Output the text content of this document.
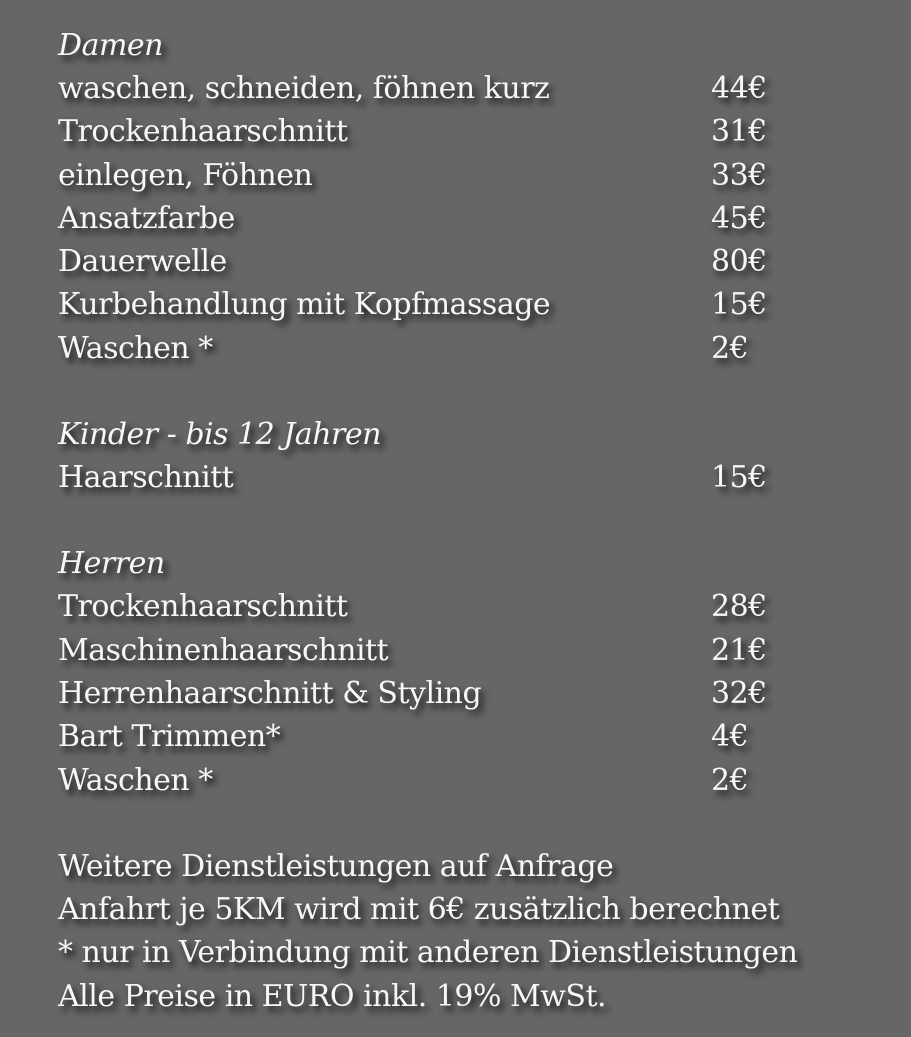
Damen
waschen, schneiden, föhnen kurz	44€
Trockenhaarschnitt	31€
einlegen, Föhnen	33€
Ansatzfarbe	45€
Dauerwelle	80€
Kurbehandlung mit Kopfmassage	15€
Waschen *	2€
Kinder - bis 12 Jahren
Haarschnitt	15€
Herren
Trockenhaarschnitt	28€
Maschinenhaarschnitt	21€
Herrenhaarschnitt & Styling	32€
Bart Trimmen*	4€
Waschen *	2€
Weitere Dienstleistungen auf Anfrage
Anfahrt je 5KM wird mit 6€ zusätzlich berechnet
* nur in Verbindung mit anderen Dienstleistungen
Alle Preise in EURO inkl. 19% MwSt.
